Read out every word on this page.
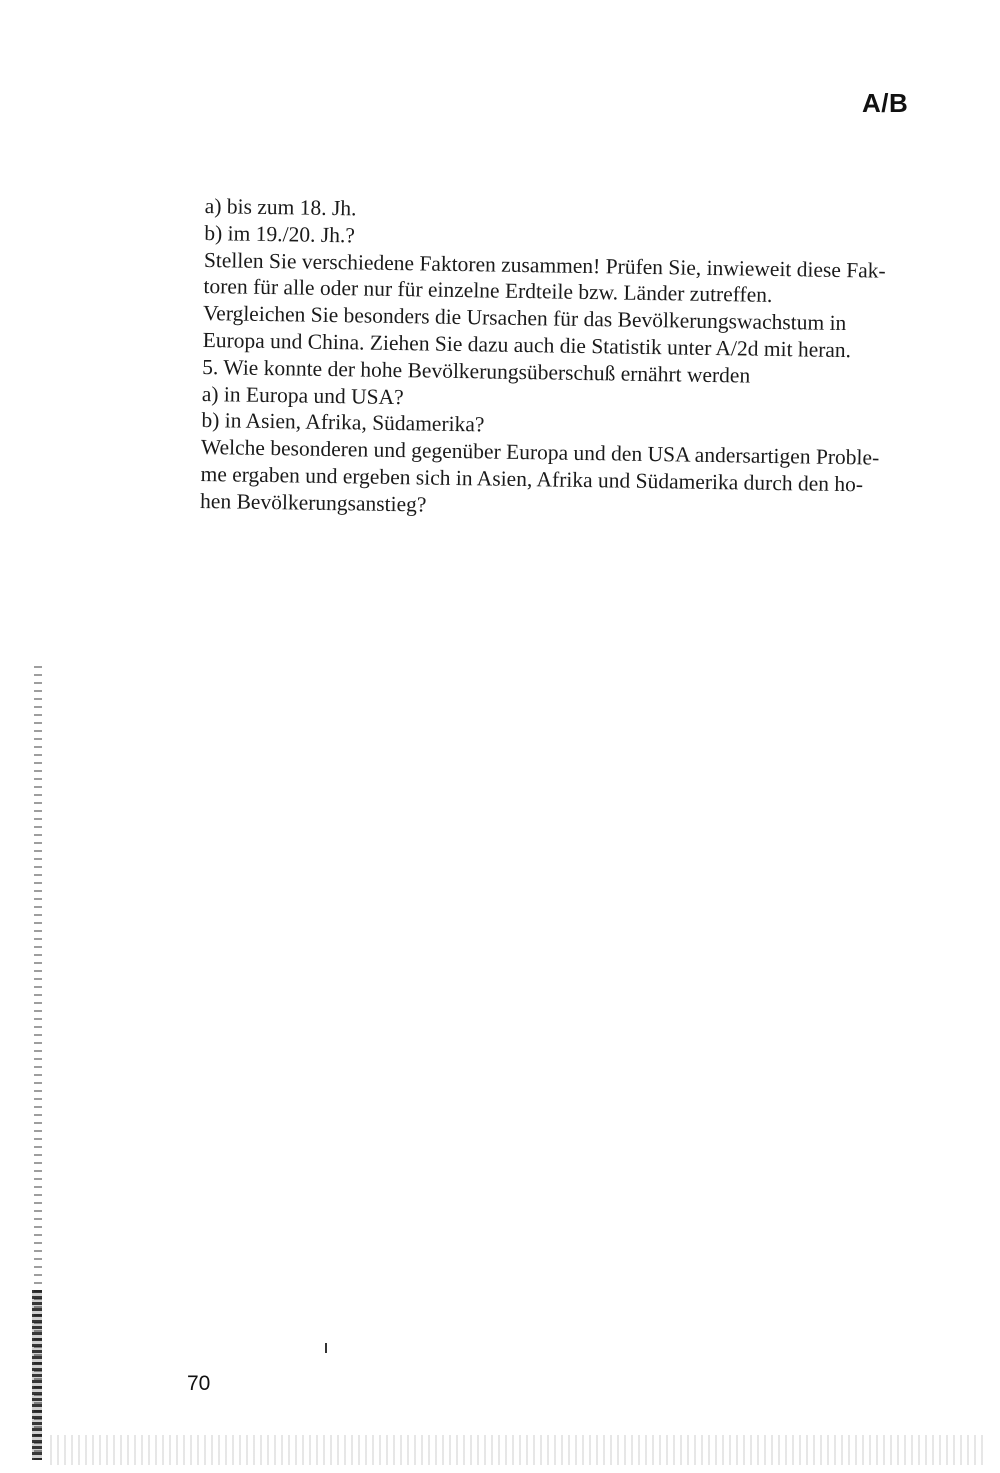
A/B
a) bis zum 18. Jh.
b) im 19./20. Jh.?
Stellen Sie verschiedene Faktoren zusammen! Prüfen Sie, inwieweit diese Fak-
toren für alle oder nur für einzelne Erdteile bzw. Länder zutreffen.
Vergleichen Sie besonders die Ursachen für das Bevölkerungswachstum in
Europa und China. Ziehen Sie dazu auch die Statistik unter A/2d mit heran.
5. Wie konnte der hohe Bevölkerungsüberschuß ernährt werden
a) in Europa und USA?
b) in Asien, Afrika, Südamerika?
Welche besonderen und gegenüber Europa und den USA andersartigen Proble-
me ergaben und ergeben sich in Asien, Afrika und Südamerika durch den ho-
hen Bevölkerungsanstieg?
70
